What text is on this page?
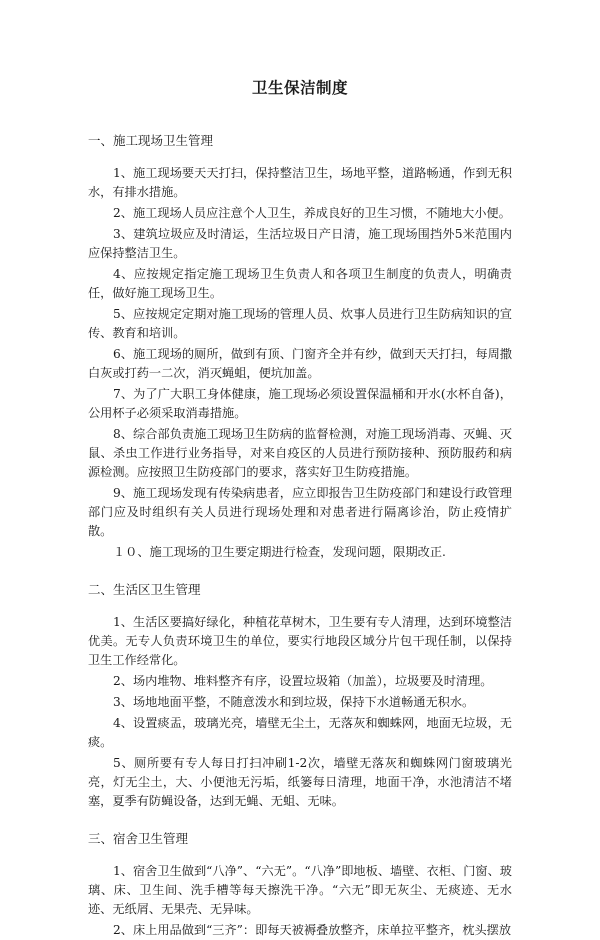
卫生保洁制度
一、施工现场卫生管理

1、施工现场要天天打扫，保持整洁卫生，场地平整，道路畅通，作到无积水，有排水措施。

2、施工现场人员应注意个人卫生，养成良好的卫生习惯，不随地大小便。

3、建筑垃圾应及时清运，生活垃圾日产日清，施工现场围挡外5米范围内应保持整洁卫生。

4、应按规定指定施工现场卫生负责人和各项卫生制度的负责人，明确责任，做好施工现场卫生。

5、应按规定定期对施工现场的管理人员、炊事人员进行卫生防病知识的宣传、教育和培训。

6、施工现场的厕所，做到有顶、门窗齐全并有纱，做到天天打扫，每周撒白灰或打药一二次，消灭蝇蛆，便坑加盖。

7、为了广大职工身体健康，施工现场必须设置保温桶和开水(水杯自备)，公用杯子必须采取消毒措施。

8、综合部负责施工现场卫生防病的监督检测，对施工现场消毒、灭蝇、灭鼠、杀虫工作进行业务指导，对来自疫区的人员进行预防接种、预防服药和病源检测。应按照卫生防疫部门的要求，落实好卫生防疫措施。

9、施工现场发现有传染病患者，应立即报告卫生防疫部门和建设行政管理部门应及时组织有关人员进行现场处理和对患者进行隔离诊治，防止疫情扩散。

１０、施工现场的卫生要定期进行检查，发现问题，限期改正.

二、生活区卫生管理

1、生活区要搞好绿化，种植花草树木，卫生要有专人清理，达到环境整洁优美。无专人负责环境卫生的单位，要实行地段区域分片包干现任制，以保持卫生工作经常化。

2、场内堆物、堆料整齐有序，设置垃圾箱（加盖），垃圾要及时清理。

3、场地地面平整，不随意泼水和到垃圾，保持下水道畅通无积水。

4、设置痰盂，玻璃光亮，墙壁无尘土，无落灰和蜘蛛网，地面无垃圾，无痰。

5、厕所要有专人每日打扫冲刷1-2次，墙壁无落灰和蜘蛛网门窗玻璃光亮，灯无尘土，大、小便池无污垢，纸篓每日清理，地面干净，水池清洁不堵塞，夏季有防蝇设备，达到无蝇、无蛆、无味。

三、宿舍卫生管理

1、宿舍卫生做到“八净”、“六无”。“八净”即地板、墙壁、衣柜、门窗、玻璃、床、卫生间、洗手槽等每天擦洗干净。“六无”即无灰尘、无痰迹、无水迹、无纸屑、无果壳、无异味。

2、床上用品做到“三齐”：即每天被褥叠放整齐，床单拉平整齐，枕头摆放
